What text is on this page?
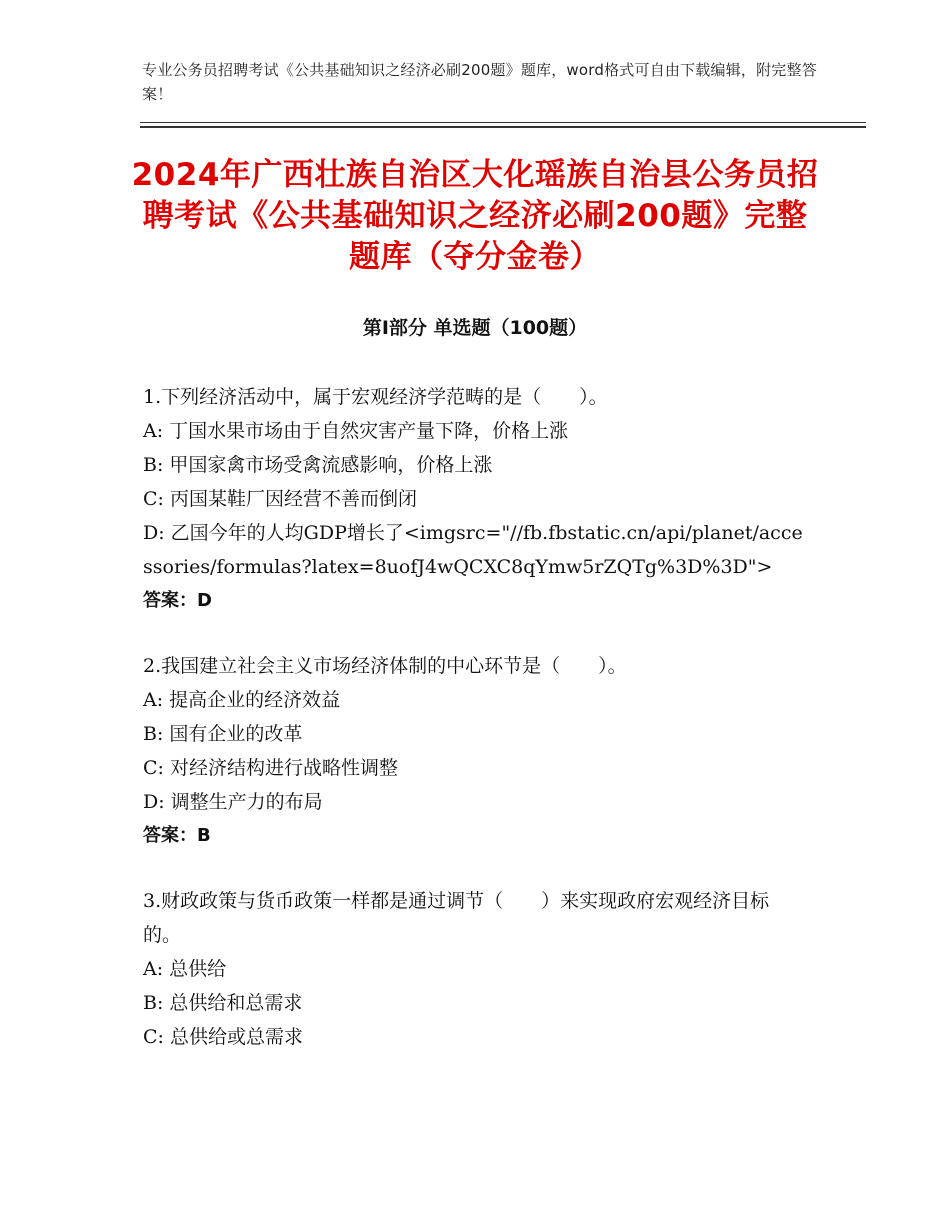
专业公务员招聘考试《公共基础知识之经济必刷200题》题库，word格式可自由下载编辑，附完整答案！
2024年广西壮族自治区大化瑶族自治县公务员招聘考试《公共基础知识之经济必刷200题》完整题库（夺分金卷）
第Ⅰ部分 单选题（100题）
1.下列经济活动中，属于宏观经济学范畴的是（　　）。
A: 丁国水果市场由于自然灾害产量下降，价格上涨
B: 甲国家禽市场受禽流感影响，价格上涨
C: 丙国某鞋厂因经营不善而倒闭
D: 乙国今年的人均GDP增长了<imgsrc="//fb.fbstatic.cn/api/planet/accessories/formulas?latex=8uofJ4wQCXC8qYmw5rZQTg%3D%3D">
答案：D
2.我国建立社会主义市场经济体制的中心环节是（　　）。
A: 提高企业的经济效益
B: 国有企业的改革
C: 对经济结构进行战略性调整
D: 调整生产力的布局
答案：B
3.财政政策与货币政策一样都是通过调节（　　）来实现政府宏观经济目标的。
A: 总供给
B: 总供给和总需求
C: 总供给或总需求
